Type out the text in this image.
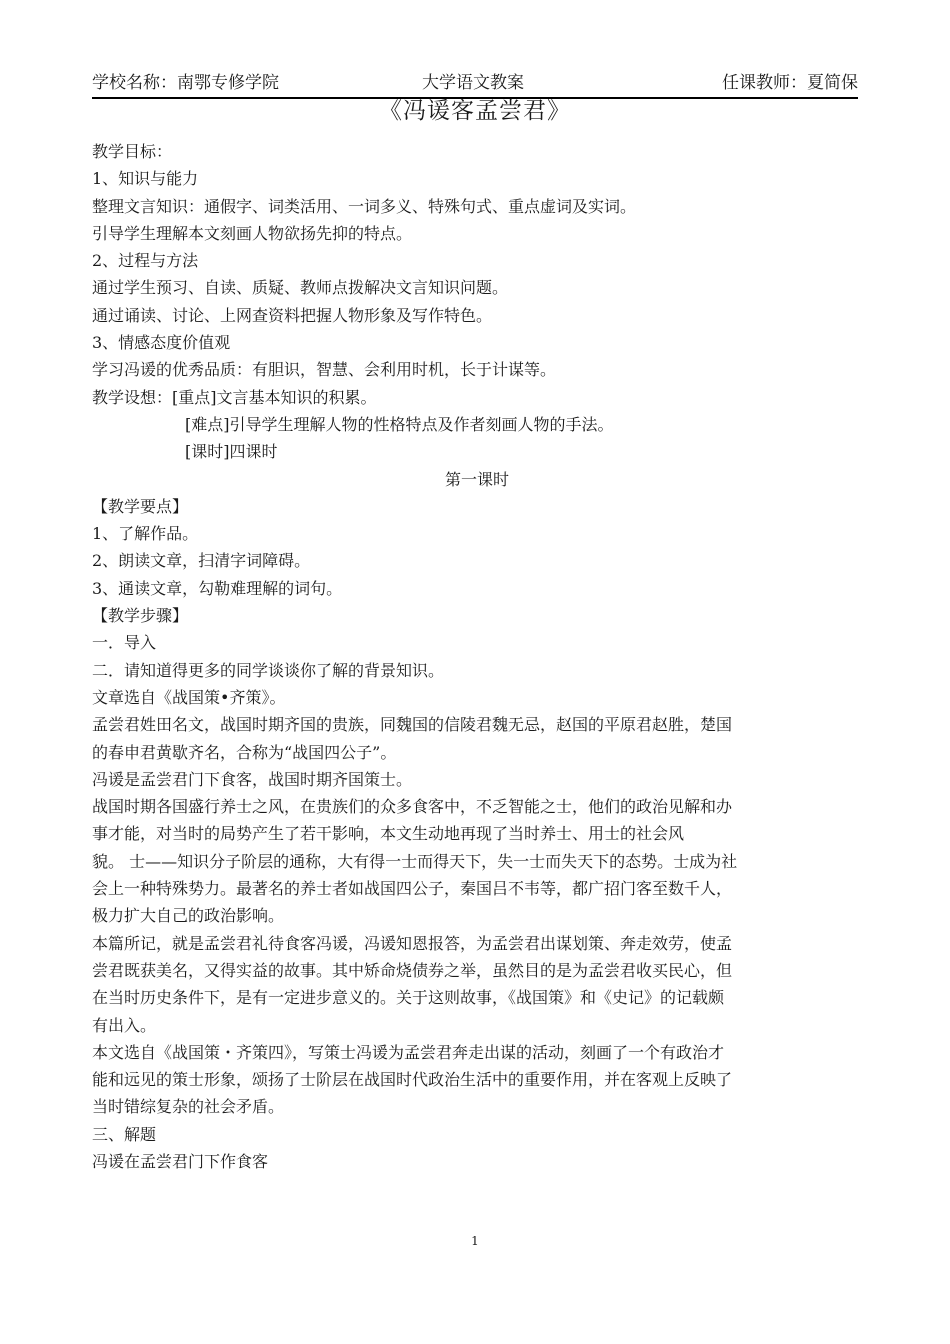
学校名称：南鄂专修学院	大学语文教案	任课教师：夏简保
《冯谖客孟尝君》

教学目标：

1、知识与能力

整理文言知识：通假字、词类活用、一词多义、特殊句式、重点虚词及实词。

引导学生理解本文刻画人物欲扬先抑的特点。

2、过程与方法

通过学生预习、自读、质疑、教师点拨解决文言知识问题。

通过诵读、讨论、上网查资料把握人物形象及写作特色。

3、情感态度价值观

学习冯谖的优秀品质：有胆识，智慧、会利用时机，长于计谋等。

教学设想：[重点]文言基本知识的积累。

[难点]引导学生理解人物的性格特点及作者刻画人物的手法。

[课时]四课时

第一课时

【教学要点】

1、了解作品。

2、朗读文章，扫清字词障碍。

3、通读文章，勾勒难理解的词句。

【教学步骤】

一．导入

二．请知道得更多的同学谈谈你了解的背景知识。

文章选自《战国策•齐策》。

孟尝君姓田名文，战国时期齐国的贵族，同魏国的信陵君魏无忌，赵国的平原君赵胜，楚国

的春申君黄歇齐名，合称为“战国四公子”。

冯谖是孟尝君门下食客，战国时期齐国策士。

战国时期各国盛行养士之风，在贵族们的众多食客中，不乏智能之士，他们的政治见解和办

事才能，对当时的局势产生了若干影响，本文生动地再现了当时养士、用士的社会风

貌。 士——知识分子阶层的通称，大有得一士而得天下，失一士而失天下的态势。士成为社

会上一种特殊势力。最著名的养士者如战国四公子，秦国吕不韦等，都广招门客至数千人，

极力扩大自己的政治影响。

本篇所记，就是孟尝君礼待食客冯谖，冯谖知恩报答，为孟尝君出谋划策、奔走效劳，使孟

尝君既获美名，又得实益的故事。其中矫命烧债券之举，虽然目的是为孟尝君收买民心，但

在当时历史条件下，是有一定进步意义的。关于这则故事，《战国策》和《史记》的记载颇

有出入。

本文选自《战国策・齐策四》，写策士冯谖为孟尝君奔走出谋的活动，刻画了一个有政治才

能和远见的策士形象，颂扬了士阶层在战国时代政治生活中的重要作用，并在客观上反映了

当时错综复杂的社会矛盾。

三、解题

冯谖在孟尝君门下作食客

1
